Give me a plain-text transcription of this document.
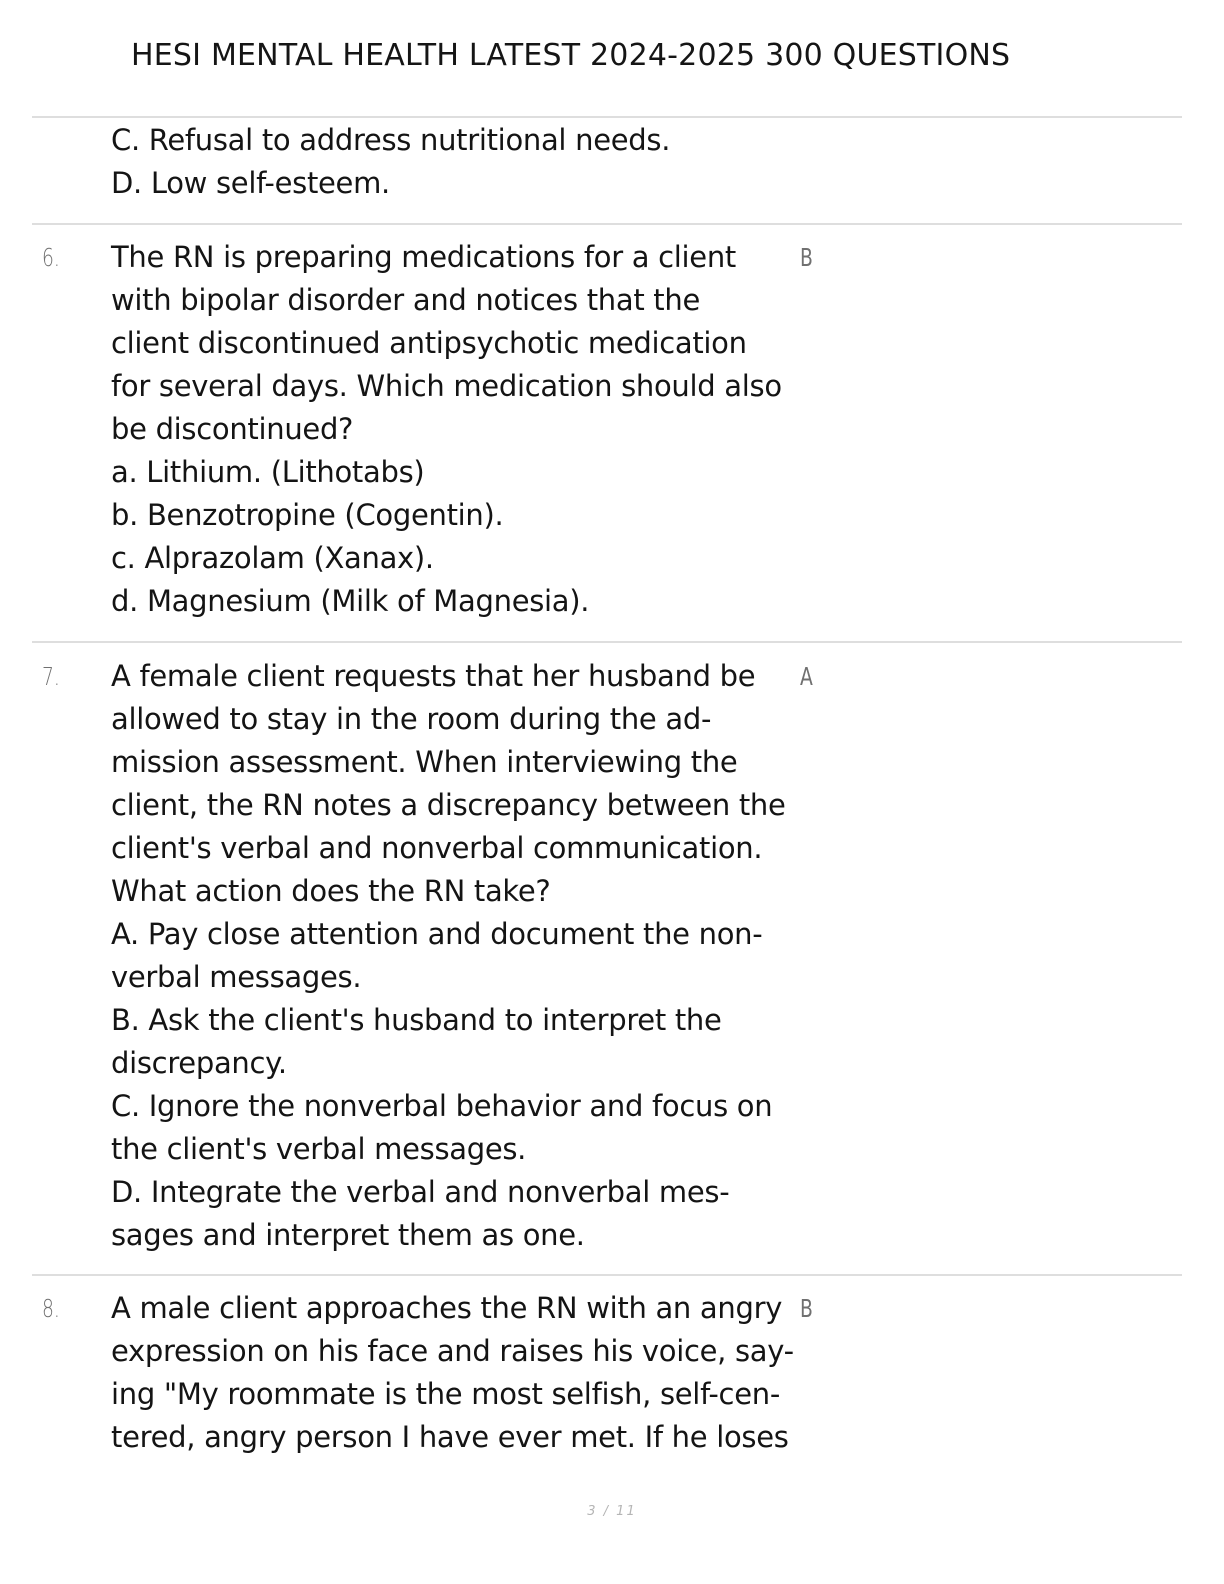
HESI MENTAL HEALTH LATEST 2024-2025 300 QUESTIONS
C. Refusal to address nutritional needs.
D. Low self-esteem.
6.	B
The RN is preparing medications for a client
with bipolar disorder and notices that the
client discontinued antipsychotic medication
for several days. Which medication should also
be discontinued?
a. Lithium. (Lithotabs)
b. Benzotropine (Cogentin).
c. Alprazolam (Xanax).
d. Magnesium (Milk of Magnesia).
7.	A
A female client requests that her husband be
allowed to stay in the room during the ad-
mission assessment. When interviewing the
client, the RN notes a discrepancy between the
client's verbal and nonverbal communication.
What action does the RN take?
A. Pay close attention and document the non-
verbal messages.
B. Ask the client's husband to interpret the
discrepancy.
C. Ignore the nonverbal behavior and focus on
the client's verbal messages.
D. Integrate the verbal and nonverbal mes-
sages and interpret them as one.
8.	B
A male client approaches the RN with an angry
expression on his face and raises his voice, say-
ing "My roommate is the most selfish, self-cen-
tered, angry person I have ever met. If he loses
3 / 11
